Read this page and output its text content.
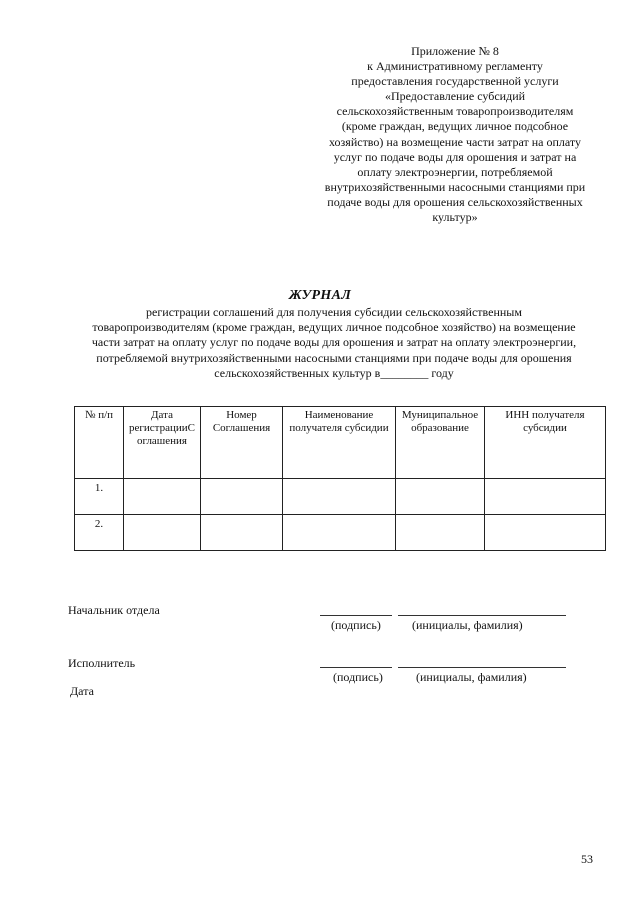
Приложение № 8
к Административному регламенту
предоставления государственной услуги
«Предоставление субсидий
сельскохозяйственным товаропроизводителям
(кроме граждан, ведущих личное подсобное
хозяйство) на возмещение части затрат на оплату
услуг по подаче воды для орошения и затрат на
оплату электроэнергии, потребляемой
внутрихозяйственными насосными станциями при
подаче воды для орошения сельскохозяйственных
культур»
ЖУРНАЛ
регистрации соглашений для получения субсидии сельскохозяйственным
товаропроизводителям (кроме граждан, ведущих личное подсобное хозяйство) на возмещение
части затрат на оплату услуг по подаче воды для орошения и затрат на оплату электроэнергии,
потребляемой внутрихозяйственными насосными станциями при подаче воды для орошения
сельскохозяйственных культур в________ году
№ п/п	Дата регистрацииС оглашения	Номер Соглашения	Наименование получателя субсидии	Муниципальное образование	ИНН получателя субсидии
1.					
2.					
Начальник отдела
(подпись)	(инициалы, фамилия)
Исполнитель
(подпись)	(инициалы, фамилия)
Дата
53
